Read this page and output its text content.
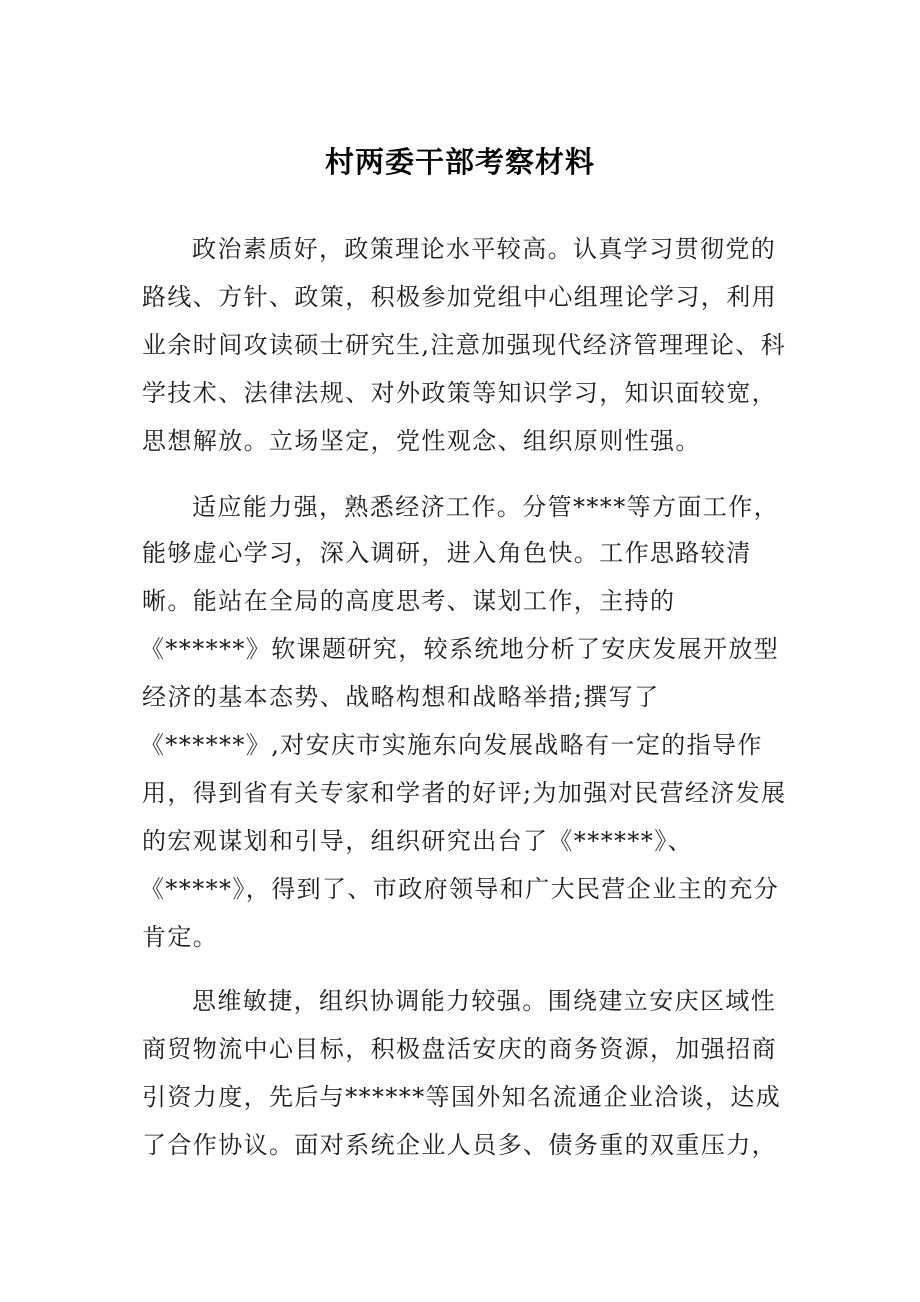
村两委干部考察材料
政治素质好，政策理论水平较高。认真学习贯彻党的
路线、方针、政策，积极参加党组中心组理论学习，利用
业余时间攻读硕士研究生,注意加强现代经济管理理论、科
学技术、法律法规、对外政策等知识学习，知识面较宽，
思想解放。立场坚定，党性观念、组织原则性强。
适应能力强，熟悉经济工作。分管****等方面工作，
能够虚心学习，深入调研，进入角色快。工作思路较清
晰。能站在全局的高度思考、谋划工作，主持的
《******》软课题研究，较系统地分析了安庆发展开放型
经济的基本态势、战略构想和战略举措;撰写了
《******》,对安庆市实施东向发展战略有一定的指导作
用，得到省有关专家和学者的好评;为加强对民营经济发展
的宏观谋划和引导，组织研究出台了《******》、
《*****》，得到了、市政府领导和广大民营企业主的充分
肯定。
思维敏捷，组织协调能力较强。围绕建立安庆区域性
商贸物流中心目标，积极盘活安庆的商务资源，加强招商
引资力度，先后与******等国外知名流通企业洽谈，达成
了合作协议。面对系统企业人员多、债务重的双重压力，
